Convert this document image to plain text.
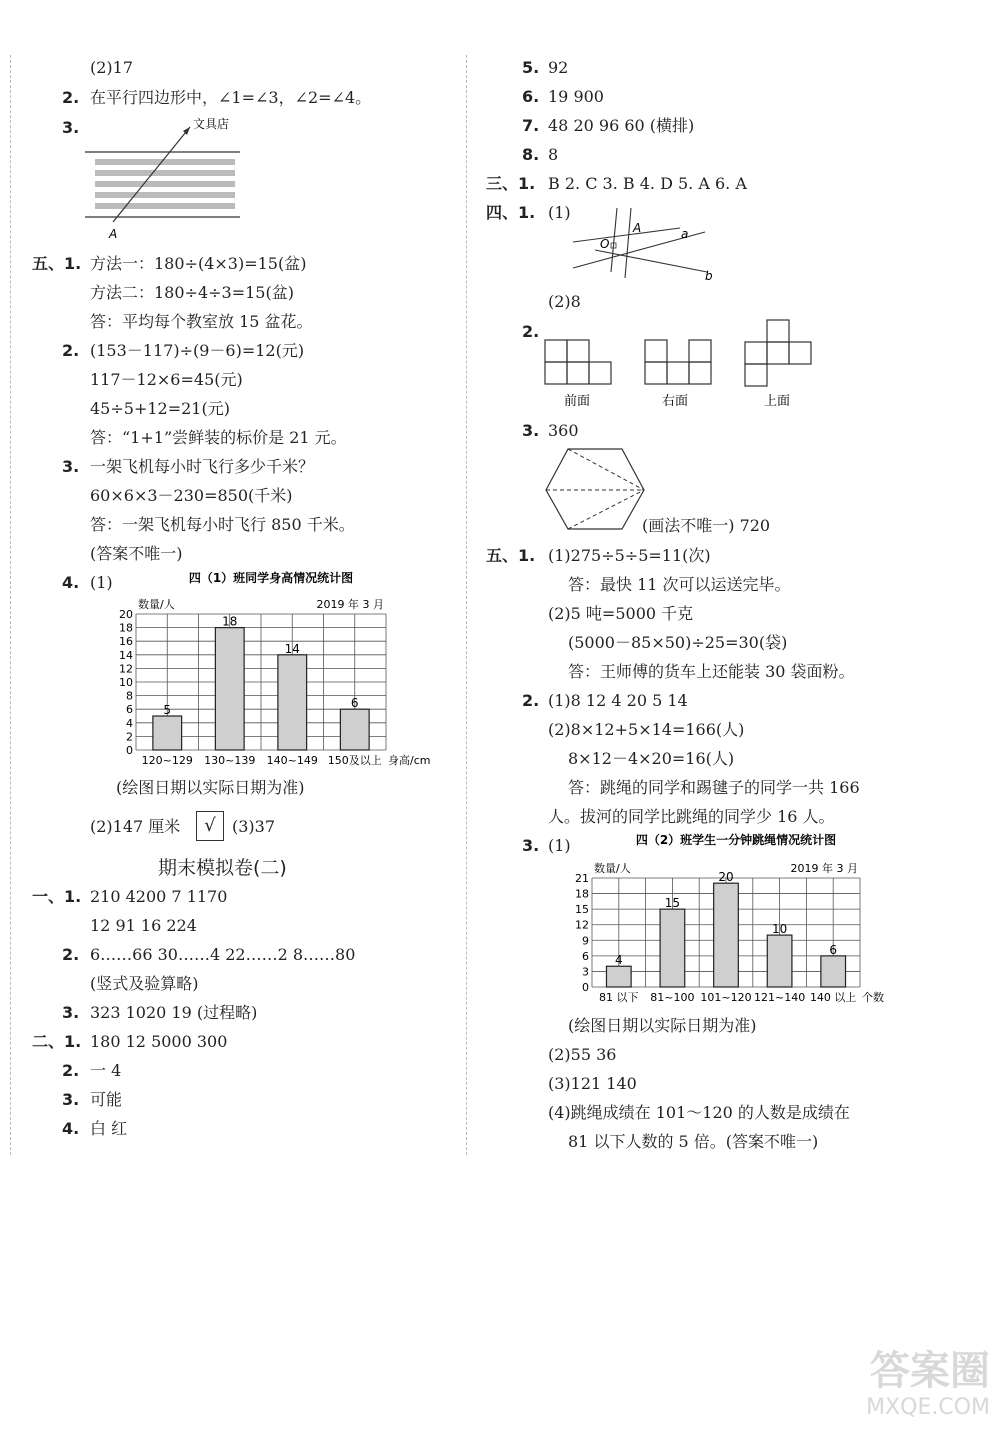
(2)17
2. 在平行四边形中，∠1=∠3，∠2=∠4。
3.	文具店
A
五、1. 方法一：180÷(4×3)=15(盆)
方法二：180÷4÷3=15(盆)
答：平均每个教室放 15 盆花。
2. (153－117)÷(9－6)=12(元)
117－12×6=45(元)
45÷5+12=21(元)
答：“1+1”尝鲜装的标价是 21 元。
3. 一架飞机每小时飞行多少千米？
60×6×3－230=850(千米)
答：一架飞机每小时飞行 850 千米。
(答案不唯一)
4. (1)	四（1）班同学身高情况统计图
数量/人	2019 年 3 月
0
2
4
6
8
10
12
14
16
18
20
5
120~129
18
130~139
14
140~149
6
150及以上 身高/cm
(绘图日期以实际日期为准)
(2)147 厘米	√	(3)37
期末模拟卷(二)
一、1. 210 4200 7 1170
12 91 16 224
2. 6……66 30……4 22……2 8……80
(竖式及验算略)
3. 323 1020 19 (过程略)
二、1. 180 12 5000 300
2. 一 4
3. 可能
4. 白 红
5. 92
6. 19 900
7. 48 20 96 60 (横排)
8. 8
三、1. B 2. C 3. B 4. D 5. A 6. A
四、1. (1)
O
A	a
b
(2)8
2.
前面	右面	上面
3. 360
(画法不唯一) 720
五、1. (1)275÷5÷5=11(次)
答：最快 11 次可以运送完毕。
(2)5 吨=5000 千克
(5000－85×50)÷25=30(袋)
答：王师傅的货车上还能装 30 袋面粉。
2. (1)8 12 4 20 5 14
(2)8×12+5×14=166(人)
8×12－4×20=16(人)
答：跳绳的同学和踢毽子的同学一共 166
人。拔河的同学比跳绳的同学少 16 人。
3. (1)	四（2）班学生一分钟跳绳情况统计图
数量/人	2019 年 3 月
0
3
6
9
12
15
18
21
4
81 以下
15
81~100
20
101~120
10
121~140
6
140 以上 个数
(绘图日期以实际日期为准)
(2)55 36
(3)121 140
(4)跳绳成绩在 101～120 的人数是成绩在
81 以下人数的 5 倍。(答案不唯一)
答案圈
MXQE.COM
